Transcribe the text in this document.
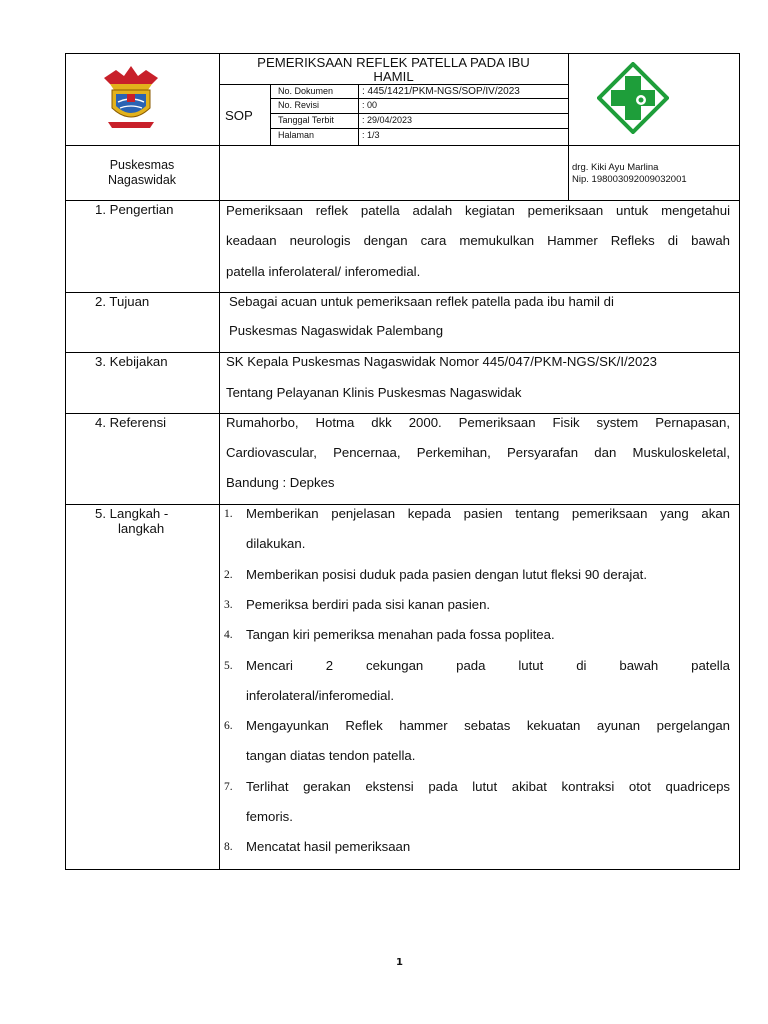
PEMERIKSAAN REFLEK PATELLA PADA IBU
HAMIL
SOP
No. Dokumen	: 445/1421/PKM-NGS/SOP/IV/2023
No. Revisi	: 00
Tanggal Terbit	: 29/04/2023
Halaman	: 1/3
Puskesmas
Nagaswidak
drg. Kiki Ayu Marlina
Nip. 198003092009032001
1. Pengertian	Pemeriksaan reflek patella adalah kegiatan pemeriksaan untuk mengetahui
keadaan neurologis dengan cara memukulkan Hammer Refleks di bawah
patella inferolateral/ inferomedial.
2. Tujuan	Sebagai acuan untuk pemeriksaan reflek patella pada ibu hamil di
Puskesmas Nagaswidak Palembang
3. Kebijakan	SK Kepala Puskesmas Nagaswidak Nomor 445/047/PKM-NGS/SK/I/2023
Tentang Pelayanan Klinis Puskesmas Nagaswidak
4. Referensi	Rumahorbo, Hotma dkk 2000. Pemeriksaan Fisik system Pernapasan,
Cardiovascular, Pencernaa, Perkemihan, Persyarafan dan Muskuloskeletal,
Bandung : Depkes
5. Langkah -
langkah
1. Memberikan penjelasan kepada pasien tentang pemeriksaan yang akan
dilakukan.
2. Memberikan posisi duduk pada pasien dengan lutut fleksi 90 derajat.
3. Pemeriksa berdiri pada sisi kanan pasien.
4. Tangan kiri pemeriksa menahan pada fossa poplitea.
5. Mencari 2 cekungan pada lutut di bawah patella
inferolateral/inferomedial.
6. Mengayunkan Reflek hammer sebatas kekuatan ayunan pergelangan
tangan diatas tendon patella.
7. Terlihat gerakan ekstensi pada lutut akibat kontraksi otot quadriceps
femoris.
8. Mencatat hasil pemeriksaan
1
